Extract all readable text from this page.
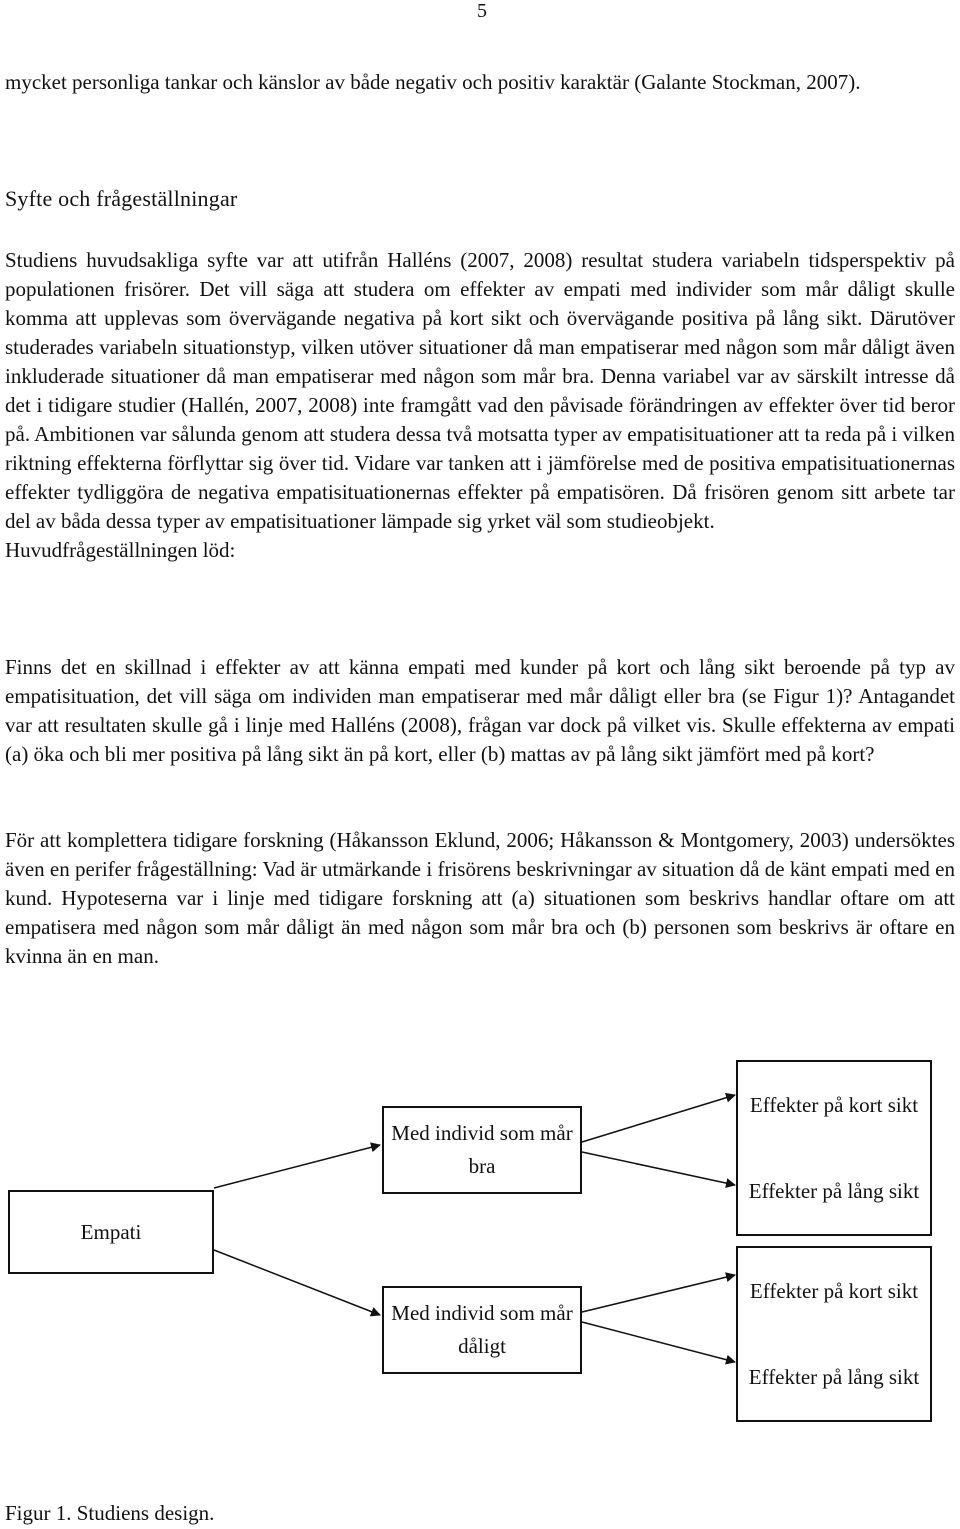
5

mycket personliga tankar och känslor av både negativ och positiv karaktär (Galante Stockman, 2007).

Syfte och frågeställningar

Studiens huvudsakliga syfte var att utifrån Halléns (2007, 2008) resultat studera variabeln tidsperspektiv på populationen frisörer. Det vill säga att studera om effekter av empati med individer som mår dåligt skulle komma att upplevas som övervägande negativa på kort sikt och övervägande positiva på lång sikt. Därutöver studerades variabeln situationstyp, vilken utöver situationer då man empatiserar med någon som mår dåligt även inkluderade situationer då man empatiserar med någon som mår bra. Denna variabel var av särskilt intresse då det i tidigare studier (Hallén, 2007, 2008) inte framgått vad den påvisade förändringen av effekter över tid beror på. Ambitionen var sålunda genom att studera dessa två motsatta typer av empatisituationer att ta reda på i vilken riktning effekterna förflyttar sig över tid. Vidare var tanken att i jämförelse med de positiva empatisituationernas effekter tydliggöra de negativa empatisituationernas effekter på empatisören. Då frisören genom sitt arbete tar del av båda dessa typer av empatisituationer lämpade sig yrket väl som studieobjekt.

Huvudfrågeställningen löd:

Finns det en skillnad i effekter av att känna empati med kunder på kort och lång sikt beroende på typ av empatisituation, det vill säga om individen man empatiserar med mår dåligt eller bra (se Figur 1)? Antagandet var att resultaten skulle gå i linje med Halléns (2008), frågan var dock på vilket vis. Skulle effekterna av empati (a) öka och bli mer positiva på lång sikt än på kort, eller (b) mattas av på lång sikt jämfört med på kort?

För att komplettera tidigare forskning (Håkansson Eklund, 2006; Håkansson & Montgomery, 2003) undersöktes även en perifer frågeställning: Vad är utmärkande i frisörens beskrivningar av situation då de känt empati med en kund. Hypoteserna var i linje med tidigare forskning att (a) situationen som beskrivs handlar oftare om att empatisera med någon som mår dåligt än med någon som mår bra och (b) personen som beskrivs är oftare en kvinna än en man.

Empati
Med individ som mår bra
Med individ som mår dåligt
Effekter på kort sikt
Effekter på lång sikt
Effekter på kort sikt
Effekter på lång sikt
Figur 1. Studiens design.
